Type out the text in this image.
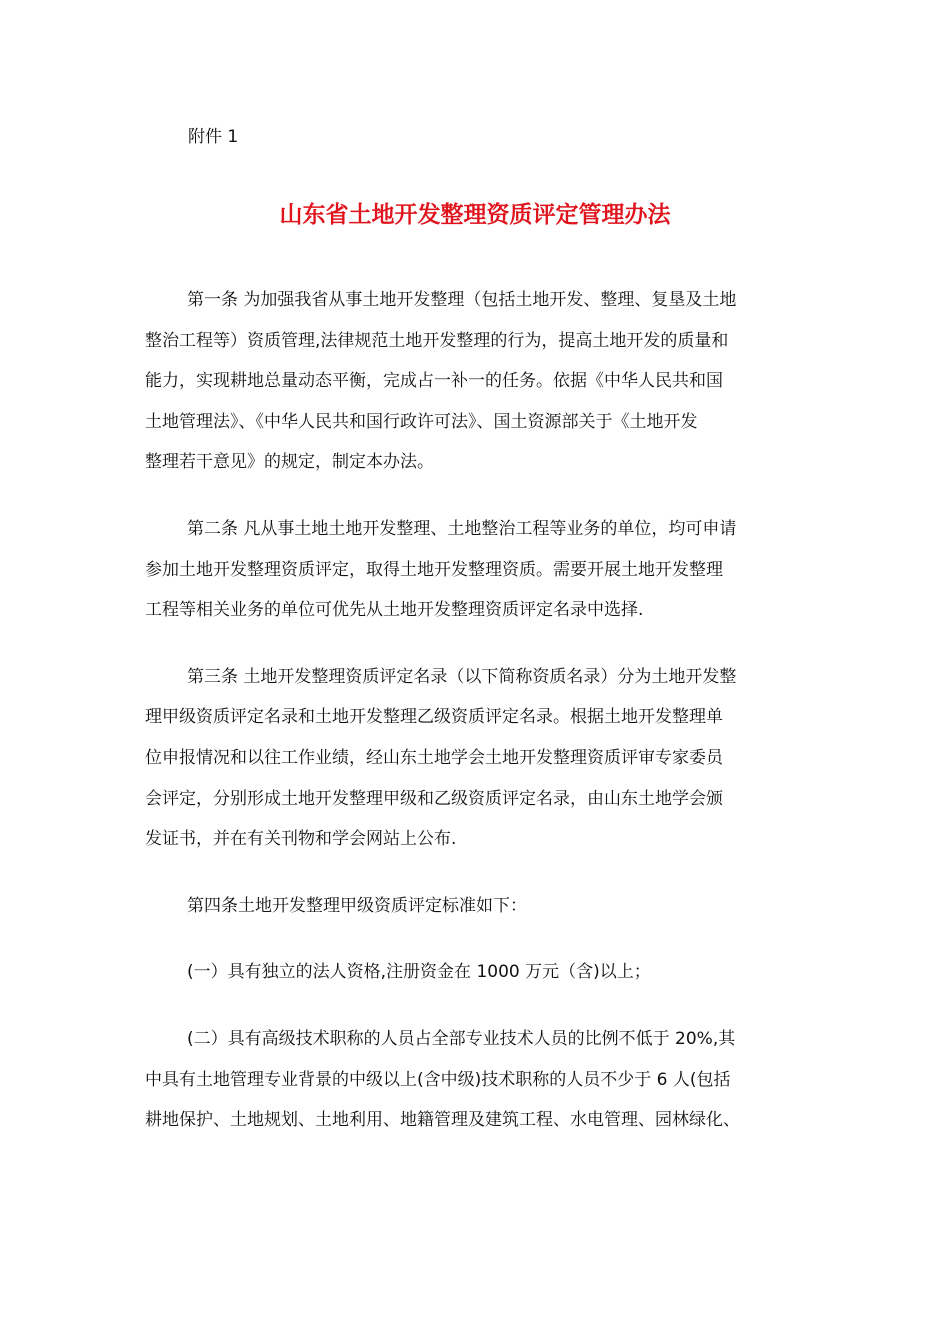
附件 1
山东省土地开发整理资质评定管理办法
第一条 为加强我省从事土地开发整理（包括土地开发、整理、复垦及土地
整治工程等）资质管理,法律规范土地开发整理的行为，提高土地开发的质量和
能力，实现耕地总量动态平衡，完成占一补一的任务。依据《中华人民共和国
土地管理法》、《中华人民共和国行政许可法》、国土资源部关于《土地开发
整理若干意见》的规定，制定本办法。
第二条 凡从事土地土地开发整理、土地整治工程等业务的单位，均可申请
参加土地开发整理资质评定，取得土地开发整理资质。需要开展土地开发整理
工程等相关业务的单位可优先从土地开发整理资质评定名录中选择.
第三条 土地开发整理资质评定名录（以下简称资质名录）分为土地开发整
理甲级资质评定名录和土地开发整理乙级资质评定名录。根据土地开发整理单
位申报情况和以往工作业绩，经山东土地学会土地开发整理资质评审专家委员
会评定，分别形成土地开发整理甲级和乙级资质评定名录，由山东土地学会颁
发证书，并在有关刊物和学会网站上公布.
第四条土地开发整理甲级资质评定标准如下：
(一）具有独立的法人资格,注册资金在 1000 万元（含)以上；
(二）具有高级技术职称的人员占全部专业技术人员的比例不低于 20%,其
中具有土地管理专业背景的中级以上(含中级)技术职称的人员不少于 6 人(包括
耕地保护、土地规划、土地利用、地籍管理及建筑工程、水电管理、园林绿化、
